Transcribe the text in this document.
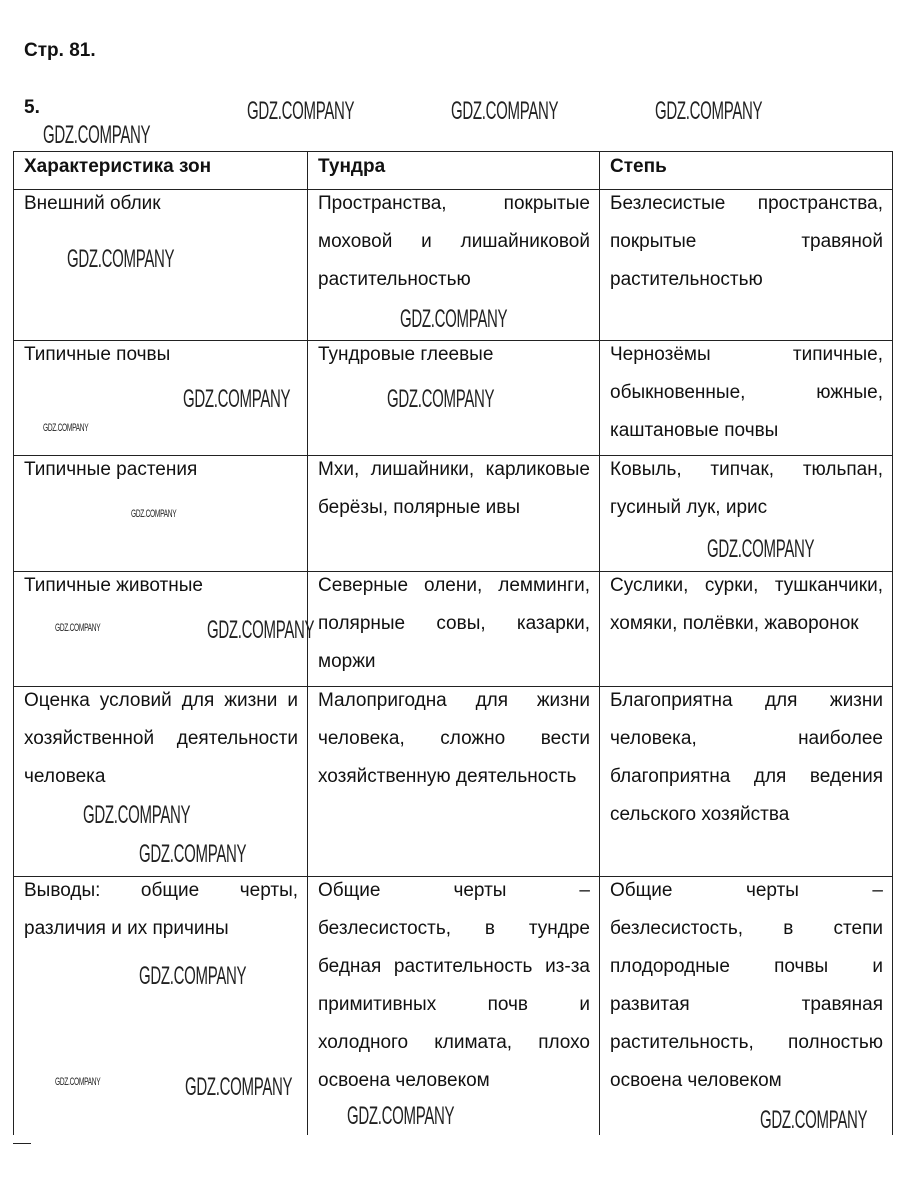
Стр. 81.
5.
Характеристика зон	Тундра	Степь

Внешний облик	Пространства, покрытые моховой и лишайниковой растительностью	Безлесистые пространства, покрытые травяной растительностью

Типичные почвы	Тундровые глеевые	Чернозёмы типичные, обыкновенные, южные, каштановые почвы

Типичные растения	Мхи, лишайники, карликовые берёзы, полярные ивы	Ковыль, типчак, тюльпан, гусиный лук, ирис

Типичные животные	Северные олени, лемминги, полярные совы, казарки, моржи	Суслики, сурки, тушканчики, хомяки, полёвки, жаворонок

Оценка условий для жизни и хозяйственной деятельности человека	Малопригодна для жизни человека, сложно вести хозяйственную деятельность	Благоприятна для жизни человека, наиболее благоприятна для ведения сельского хозяйства

Выводы: общие черты, различия и их причины	Общие черты – безлесистость, в тундре бедная растительность из-за примитивных почв и холодного климата, плохо освоена человеком	Общие черты – безлесистость, в степи плодородные почвы и развитая травяная растительность, полностью освоена человеком
GDZ.COMPANY	GDZ.COMPANY	GDZ.COMPANY
GDZ.COMPANY
GDZ.COMPANY
GDZ.COMPANY
GDZ.COMPANY	GDZ.COMPANY
GDZ.COMPANY
GDZ.COMPANY
GDZ.COMPANY
GDZ.COMPANY	GDZ.COMPANY
GDZ.COMPANY
GDZ.COMPANY
GDZ.COMPANY
GDZ.COMPANY	GDZ.COMPANY
GDZ.COMPANY	GDZ.COMPANY
